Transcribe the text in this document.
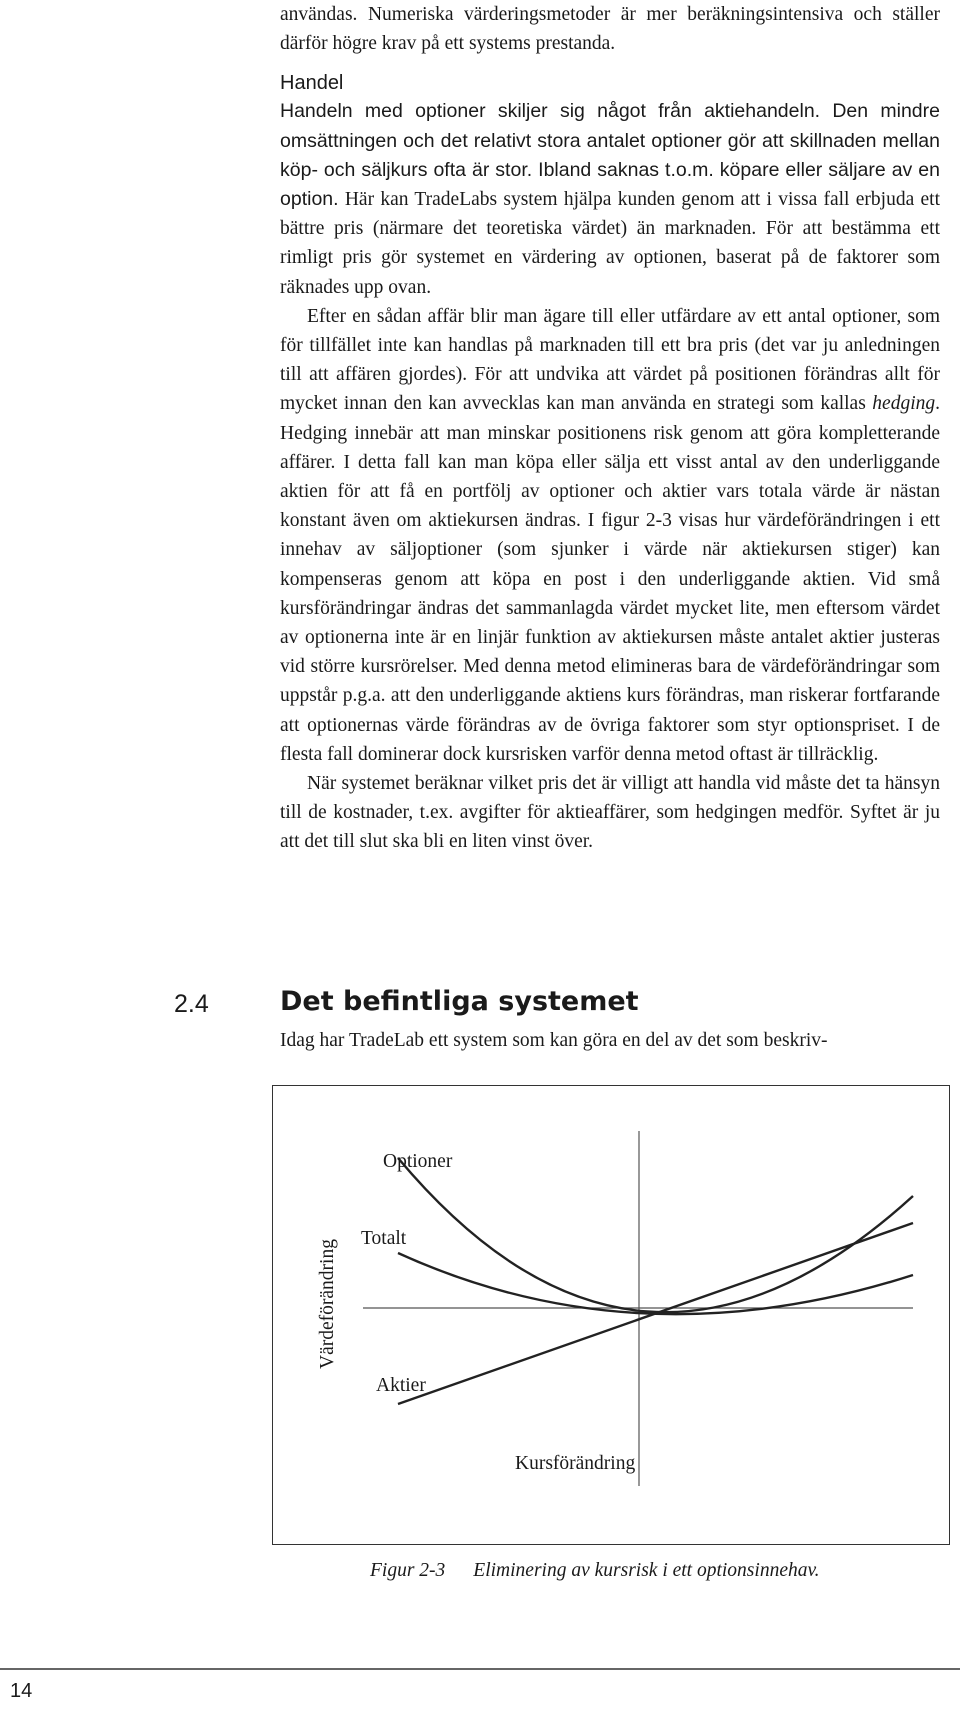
användas. Numeriska värderingsmetoder är mer beräkningsintensiva och ställer därför högre krav på ett systems prestanda.

Handel

Handeln med optioner skiljer sig något från aktiehandeln. Den mindre omsättningen och det relativt stora antalet optioner gör att skillnaden mellan köp- och säljkurs ofta är stor. Ibland saknas t.o.m. köpare eller säljare av en option. Här kan TradeLabs system hjälpa kunden genom att i vissa fall erbjuda ett bättre pris (närmare det teoretiska värdet) än marknaden. För att bestämma ett rimligt pris gör systemet en värdering av optionen, baserat på de faktorer som räknades upp ovan.

Efter en sådan affär blir man ägare till eller utfärdare av ett antal optioner, som för tillfället inte kan handlas på marknaden till ett bra pris (det var ju anledningen till att affären gjordes). För att undvika att värdet på positionen förändras allt för mycket innan den kan avvecklas kan man använda en strategi som kallas hedging. Hedging innebär att man minskar positionens risk genom att göra kompletterande affärer. I detta fall kan man köpa eller sälja ett visst antal av den underliggande aktien för att få en portfölj av optioner och aktier vars totala värde är nästan konstant även om aktiekursen ändras. I figur 2-3 visas hur värdeförändringen i ett innehav av säljoptioner (som sjunker i värde när aktiekursen stiger) kan kompenseras genom att köpa en post i den underliggande aktien. Vid små kursförändringar ändras det sammanlagda värdet mycket lite, men eftersom värdet av optionerna inte är en linjär funktion av aktiekursen måste antalet aktier justeras vid större kursrörelser. Med denna metod elimineras bara de värdeförändringar som uppstår p.g.a. att den underliggande aktiens kurs förändras, man riskerar fortfarande att optionernas värde förändras av de övriga faktorer som styr optionspriset. I de flesta fall dominerar dock kursrisken varför denna metod oftast är tillräcklig.

När systemet beräknar vilket pris det är villigt att handla vid måste det ta hänsyn till de kostnader, t.ex. avgifter för aktieaffärer, som hedgingen medför. Syftet är ju att det till slut ska bli en liten vinst över.

2.4	Det befintliga systemet

Idag har TradeLab ett system som kan göra en del av det som beskriv-

Optioner
Totalt
Aktier
Kursförändring
Värdeförändring
Figur 2-3 Eliminering av kursrisk i ett optionsinnehav.
14
